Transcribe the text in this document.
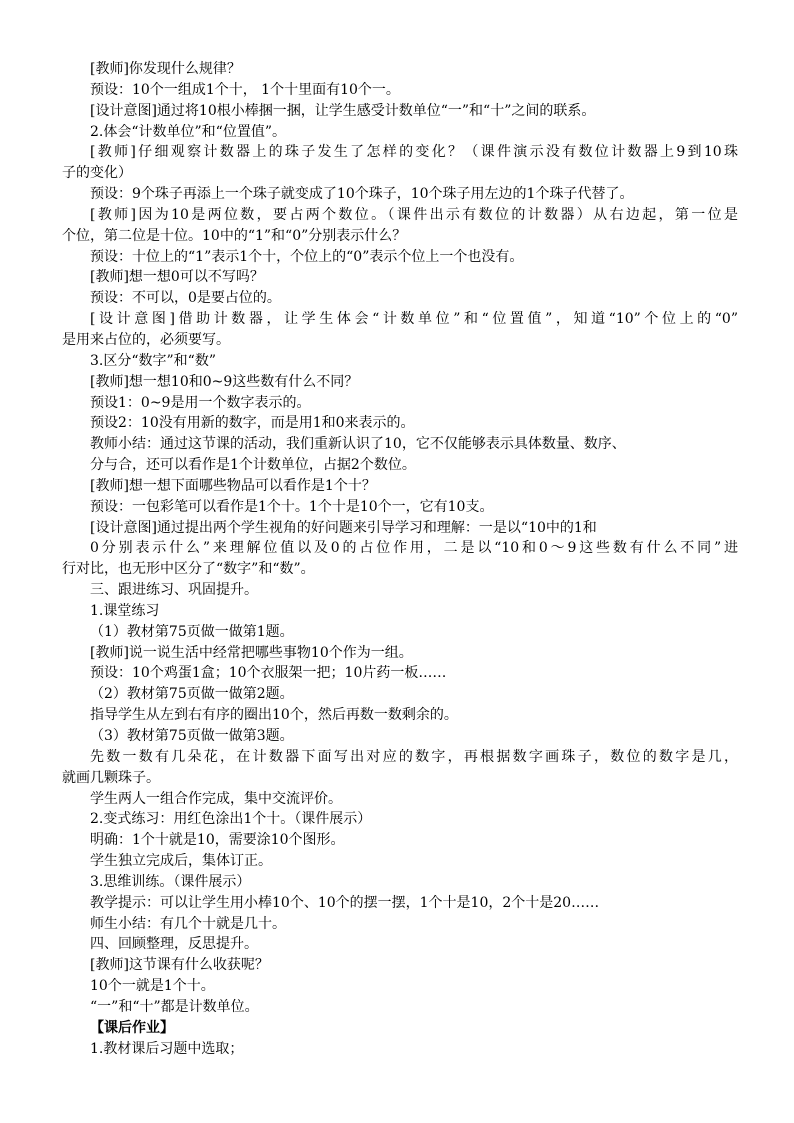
[教师]你发现什么规律？
预设：10个一组成1个十， 1个十里面有10个一。
[设计意图]通过将10根小棒捆一捆，让学生感受计数单位“一”和“十”之间的联系。
2.体会“计数单位”和“位置值”。
[教师]仔细观察计数器上的珠子发生了怎样的变化？（课件演示没有数位计数器上9到10珠
子的变化）
预设：9个珠子再添上一个珠子就变成了10个珠子，10个珠子用左边的1个珠子代替了。
[教师]因为10是两位数，要占两个数位。（课件出示有数位的计数器）从右边起，第一位是
个位，第二位是十位。10中的“1”和“0”分别表示什么？
预设：十位上的“1”表示1个十，个位上的“0”表示个位上一个也没有。
[教师]想一想0可以不写吗？
预设：不可以，0是要占位的。
[设计意图]借助计数器，让学生体会“计数单位”和“位置值”，知道“10”个位上的“0”
是用来占位的，必须要写。
3.区分“数字”和“数”
[教师]想一想10和0~9这些数有什么不同？
预设1：0~9是用一个数字表示的。
预设2：10没有用新的数字，而是用1和0来表示的。
教师小结：通过这节课的活动，我们重新认识了10，它不仅能够表示具体数量、数序、
分与合，还可以看作是1个计数单位，占据2个数位。
[教师]想一想下面哪些物品可以看作是1个十？
预设：一包彩笔可以看作是1个十。1个十是10个一，它有10支。
[设计意图]通过提出两个学生视角的好问题来引导学习和理解：一是以“10中的1和
0分别表示什么”来理解位值以及0的占位作用，二是以“10和0～9这些数有什么不同”进
行对比，也无形中区分了“数字”和“数”。
三、跟进练习、巩固提升。
1.课堂练习
（1）教材第75页做一做第1题。
[教师]说一说生活中经常把哪些事物10个作为一组。
预设：10个鸡蛋1盒；10个衣服架一把；10片药一板……
（2）教材第75页做一做第2题。
指导学生从左到右有序的圈出10个，然后再数一数剩余的。
（3）教材第75页做一做第3题。
先数一数有几朵花，在计数器下面写出对应的数字，再根据数字画珠子，数位的数字是几，
就画几颗珠子。
学生两人一组合作完成，集中交流评价。
2.变式练习：用红色涂出1个十。（课件展示）
明确：1个十就是10，需要涂10个图形。
学生独立完成后，集体订正。
3.思维训练。（课件展示）
教学提示：可以让学生用小棒10个、10个的摆一摆，1个十是10，2个十是20……
师生小结：有几个十就是几十。
四、回顾整理，反思提升。
[教师]这节课有什么收获呢？
10个一就是1个十。
“一”和“十”都是计数单位。
【课后作业】
1.教材课后习题中选取；
